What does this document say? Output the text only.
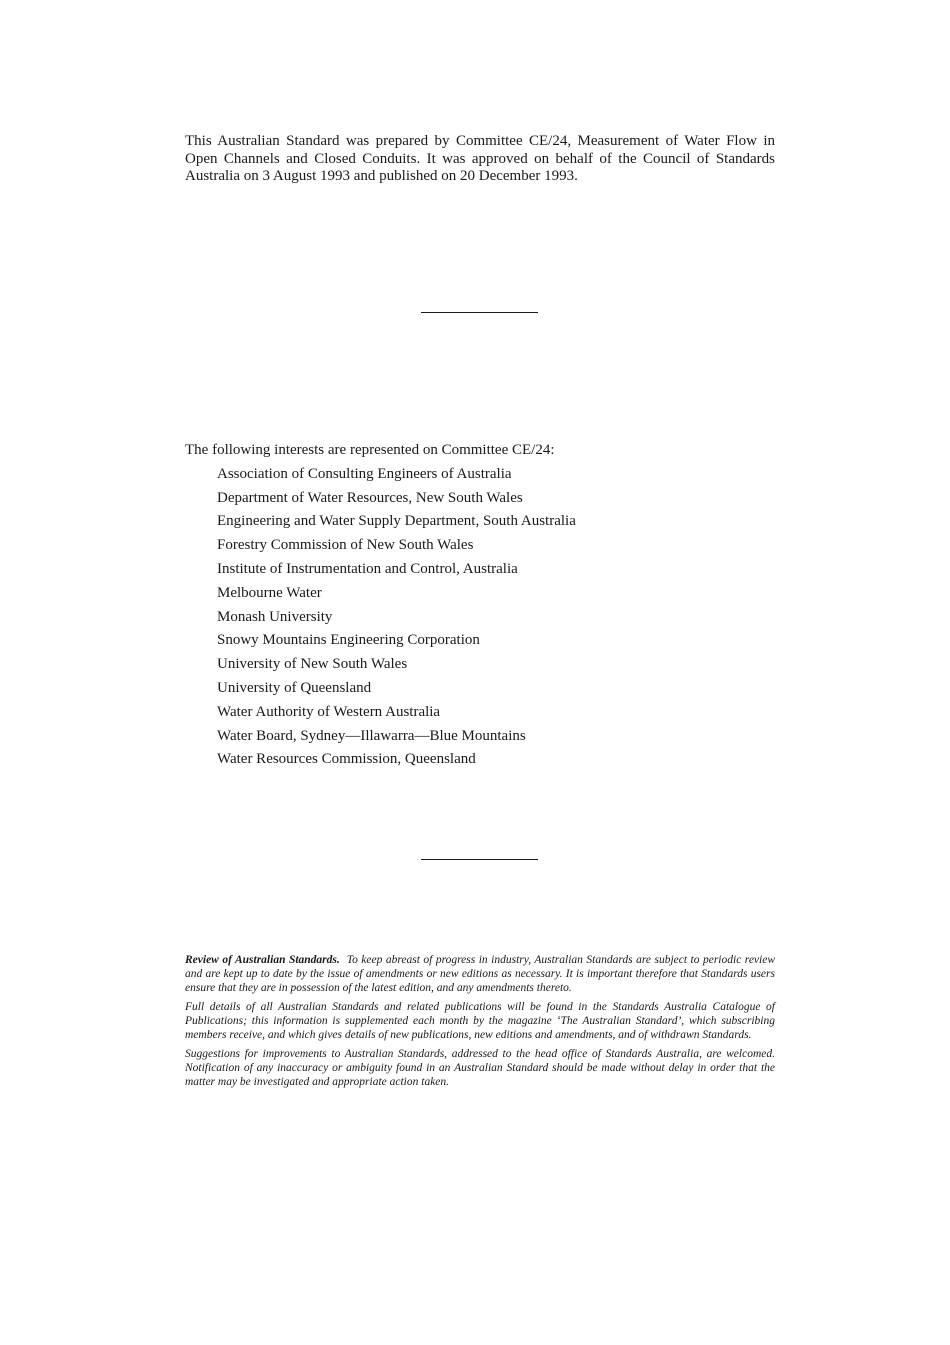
This Australian Standard was prepared by Committee CE/24, Measurement of Water Flow in Open Channels and Closed Conduits. It was approved on behalf of the Council of Standards Australia on 3 August 1993 and published on 20 December 1993.

The following interests are represented on Committee CE/24:

Association of Consulting Engineers of Australia
Department of Water Resources, New South Wales
Engineering and Water Supply Department, South Australia
Forestry Commission of New South Wales
Institute of Instrumentation and Control, Australia
Melbourne Water
Monash University
Snowy Mountains Engineering Corporation
University of New South Wales
University of Queensland
Water Authority of Western Australia
Water Board, Sydney—Illawarra—Blue Mountains
Water Resources Commission, Queensland

Review of Australian Standards. To keep abreast of progress in industry, Australian Standards are subject to periodic review and are kept up to date by the issue of amendments or new editions as necessary. It is important therefore that Standards users ensure that they are in possession of the latest edition, and any amendments thereto.

Full details of all Australian Standards and related publications will be found in the Standards Australia Catalogue of Publications; this information is supplemented each month by the magazine ‘The Australian Standard’, which subscribing members receive, and which gives details of new publications, new editions and amendments, and of withdrawn Standards.

Suggestions for improvements to Australian Standards, addressed to the head office of Standards Australia, are welcomed. Notification of any inaccuracy or ambiguity found in an Australian Standard should be made without delay in order that the matter may be investigated and appropriate action taken.
